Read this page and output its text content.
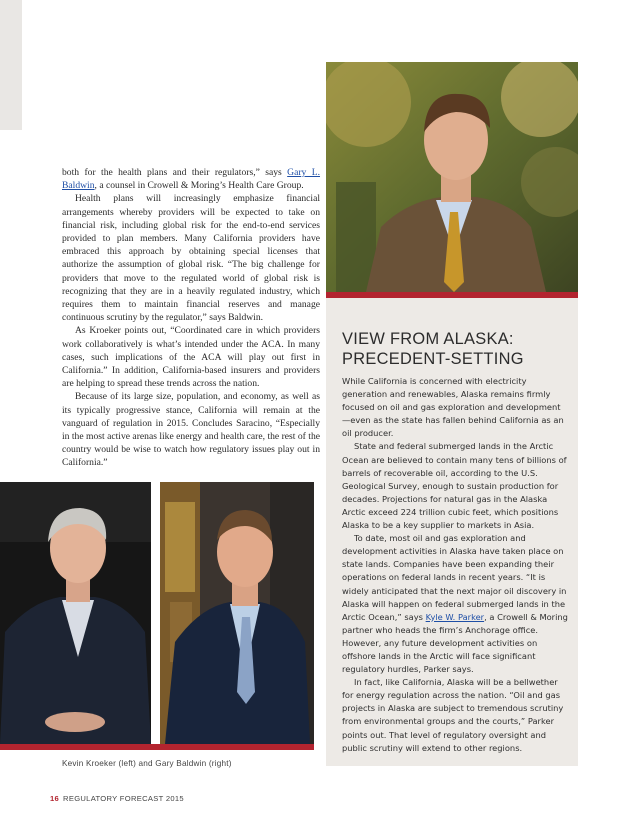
both for the health plans and their regulators,” says Gary L. Baldwin, a counsel in Crowell & Moring’s Health Care Group.

Health plans will increasingly emphasize financial arrangements whereby providers will be expected to take on financial risk, including global risk for the end-to-end services provided to plan members. Many California providers have embraced this approach by obtaining special licenses that authorize the assumption of global risk. “The big challenge for providers that move to the regulated world of global risk is recognizing that they are in a heavily regulated industry, which requires them to maintain financial reserves and manage continuous scrutiny by the regulator,” says Baldwin.

As Kroeker points out, “Coordinated care in which providers work collaboratively is what’s intended under the ACA. In many cases, such implications of the ACA will play out first in California.” In addition, California-based insurers and providers are helping to spread these trends across the nation.

Because of its large size, population, and economy, as well as its typically progressive stance, California will remain at the vanguard of regulation in 2015. Concludes Saracino, “Especially in the most active arenas like energy and health care, the rest of the country would be wise to watch how regulatory issues play out in California.”

VIEW FROM ALASKA:
PRECEDENT-SETTING

While California is concerned with electricity generation and renewables, Alaska remains firmly focused on oil and gas exploration and development—even as the state has fallen behind California as an oil producer.

State and federal submerged lands in the Arctic Ocean are believed to contain many tens of billions of barrels of recoverable oil, according to the U.S. Geological Survey, enough to sustain production for decades. Projections for natural gas in the Alaska Arctic exceed 224 trillion cubic feet, which positions Alaska to be a key supplier to markets in Asia.

To date, most oil and gas exploration and development activities in Alaska have taken place on state lands. Companies have been expanding their operations on federal lands in recent years. “It is widely anticipated that the next major oil discovery in Alaska will happen on federal submerged lands in the Arctic Ocean,” says Kyle W. Parker, a Crowell & Moring partner who heads the firm’s Anchorage office. However, any future development activities on offshore lands in the Arctic will face significant regulatory hurdles, Parker says.

In fact, like California, Alaska will be a bellwether for energy regulation across the nation. “Oil and gas projects in Alaska are subject to tremendous scrutiny from environmental groups and the courts,” Parker points out. That level of regulatory oversight and public scrutiny will extend to other regions.

Kevin Kroeker (left) and Gary Baldwin (right)
16 REGULATORY FORECAST 2015
